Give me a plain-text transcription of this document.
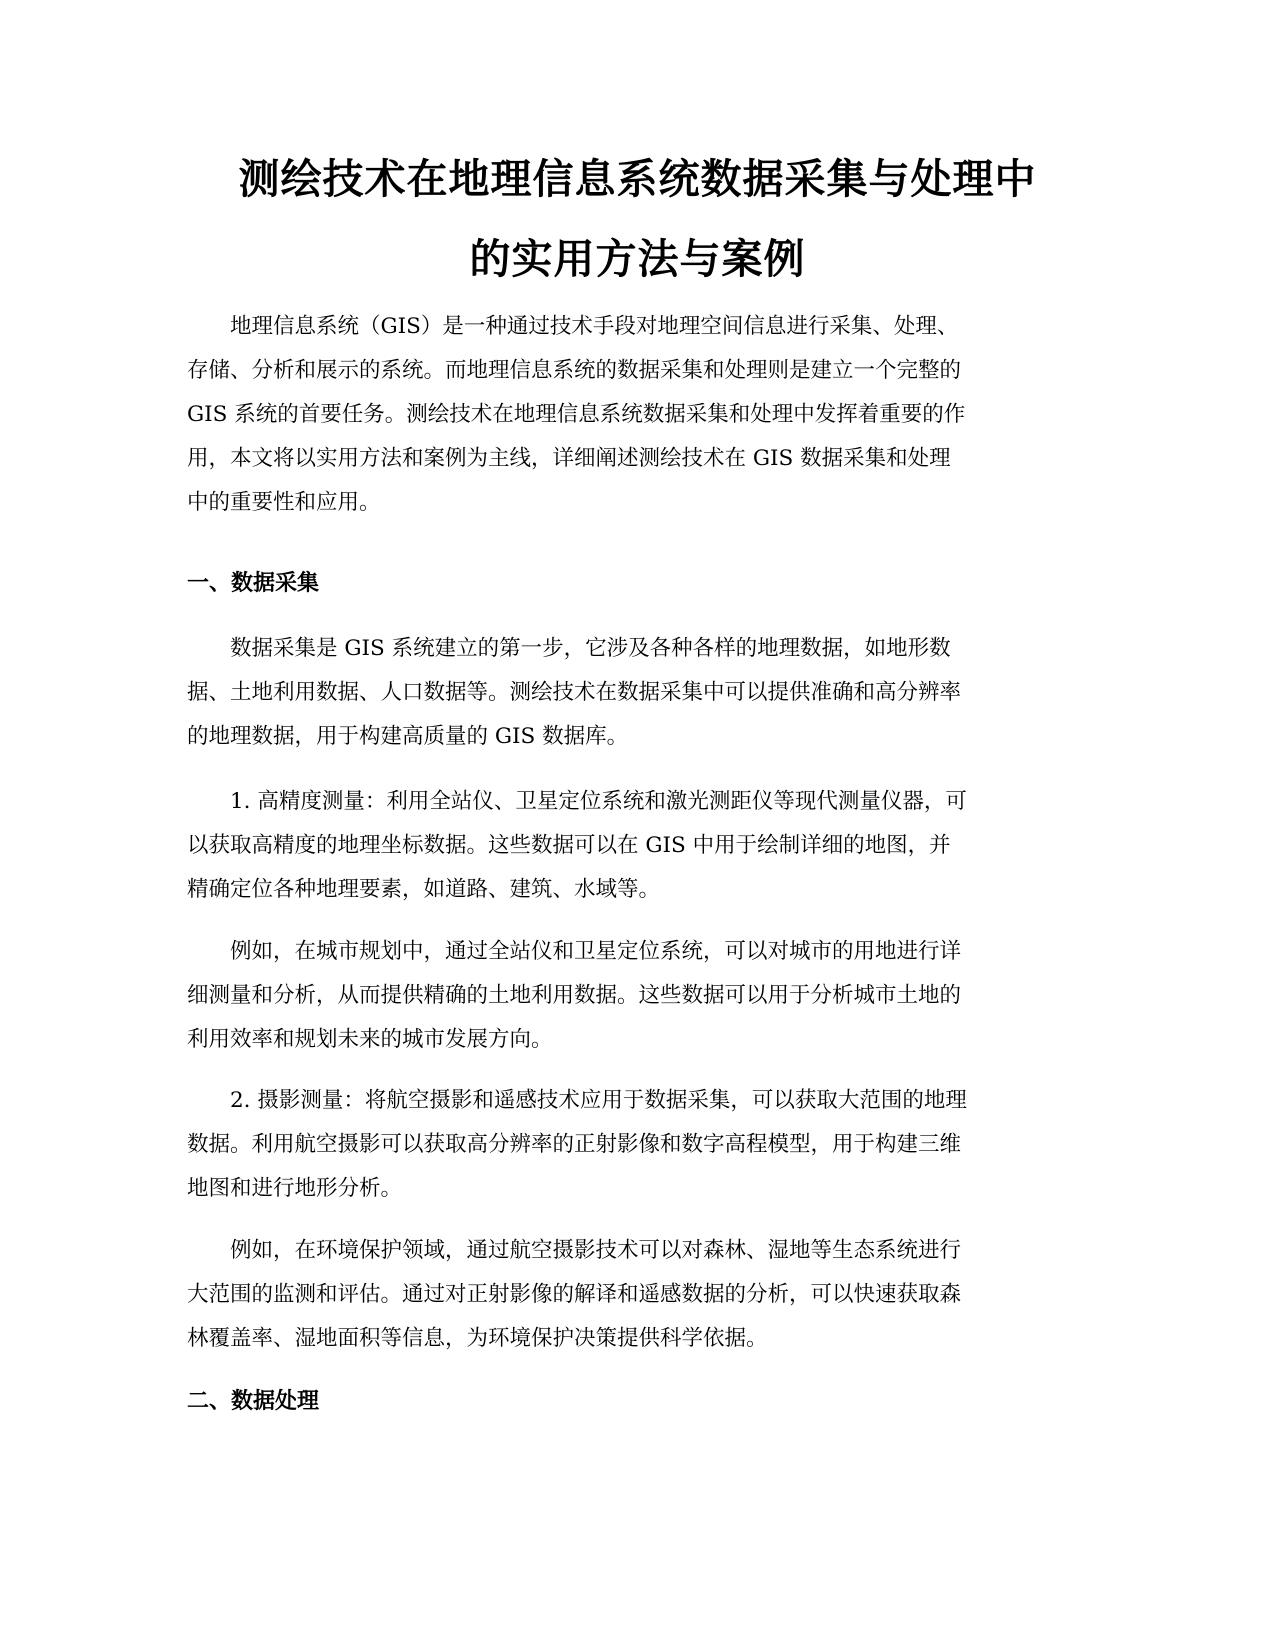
测绘技术在地理信息系统数据采集与处理中
的实用方法与案例
地理信息系统（GIS）是一种通过技术手段对地理空间信息进行采集、处理、
存储、分析和展示的系统。而地理信息系统的数据采集和处理则是建立一个完整的
GIS 系统的首要任务。测绘技术在地理信息系统数据采集和处理中发挥着重要的作
用，本文将以实用方法和案例为主线，详细阐述测绘技术在 GIS 数据采集和处理
中的重要性和应用。
一、数据采集
数据采集是 GIS 系统建立的第一步，它涉及各种各样的地理数据，如地形数
据、土地利用数据、人口数据等。测绘技术在数据采集中可以提供准确和高分辨率
的地理数据，用于构建高质量的 GIS 数据库。
1. 高精度测量：利用全站仪、卫星定位系统和激光测距仪等现代测量仪器，可
以获取高精度的地理坐标数据。这些数据可以在 GIS 中用于绘制详细的地图，并
精确定位各种地理要素，如道路、建筑、水域等。
例如，在城市规划中，通过全站仪和卫星定位系统，可以对城市的用地进行详
细测量和分析，从而提供精确的土地利用数据。这些数据可以用于分析城市土地的
利用效率和规划未来的城市发展方向。
2. 摄影测量：将航空摄影和遥感技术应用于数据采集，可以获取大范围的地理
数据。利用航空摄影可以获取高分辨率的正射影像和数字高程模型，用于构建三维
地图和进行地形分析。
例如，在环境保护领域，通过航空摄影技术可以对森林、湿地等生态系统进行
大范围的监测和评估。通过对正射影像的解译和遥感数据的分析，可以快速获取森
林覆盖率、湿地面积等信息，为环境保护决策提供科学依据。
二、数据处理
